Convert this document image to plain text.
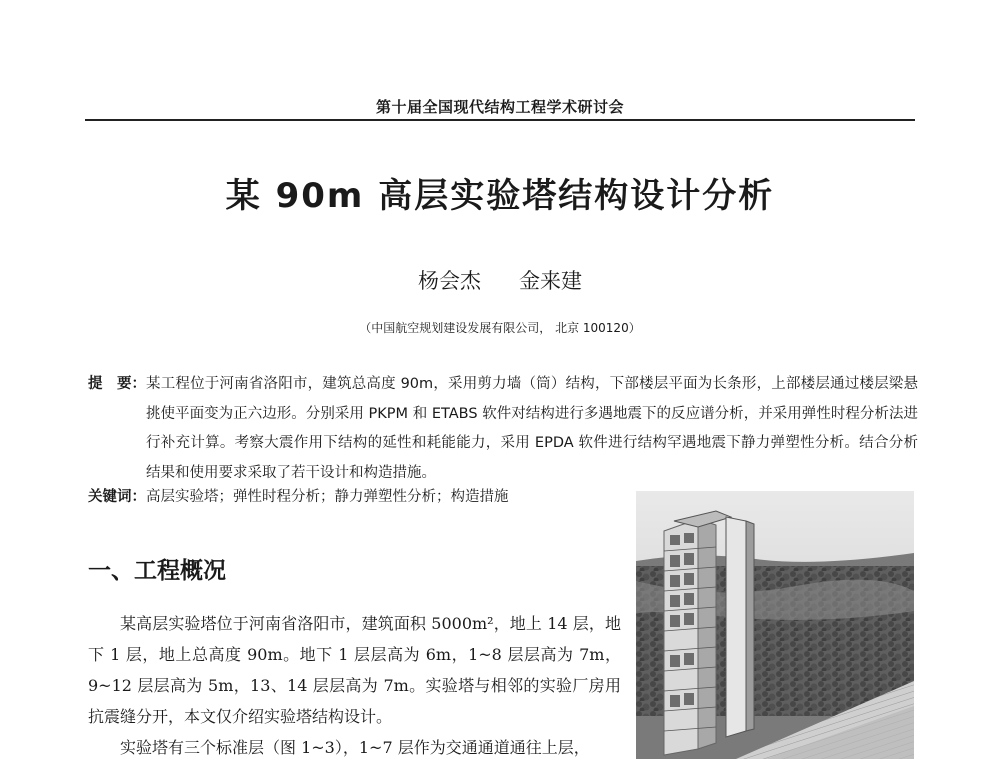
第十届全国现代结构工程学术研讨会
某 90m 高层实验塔结构设计分析
杨会杰 金来建
（中国航空规划建设发展有限公司， 北京 100120）
提　要： 某工程位于河南省洛阳市，建筑总高度 90m，采用剪力墙（筒）结构，下部楼层平面为长条形，上部楼层通过楼层梁悬挑使平面变为正六边形。分别采用 PKPM 和 ETABS 软件对结构进行多遇地震下的反应谱分析，并采用弹性时程分析法进行补充计算。考察大震作用下结构的延性和耗能能力，采用 EPDA 软件进行结构罕遇地震下静力弹塑性分析。结合分析结果和使用要求采取了若干设计和构造措施。
关键词：高层实验塔；弹性时程分析；静力弹塑性分析；构造措施
一、工程概况

某高层实验塔位于河南省洛阳市，建筑面积 5000m²，地上 14 层，地下 1 层，地上总高度 90m。地下 1 层层高为 6m，1~8 层层高为 7m，9~12 层层高为 5m，13、14 层层高为 7m。实验塔与相邻的实验厂房用抗震缝分开，本文仅介绍实验塔结构设计。

实验塔有三个标准层（图 1~3），1~7 层作为交通通道通往上层，
